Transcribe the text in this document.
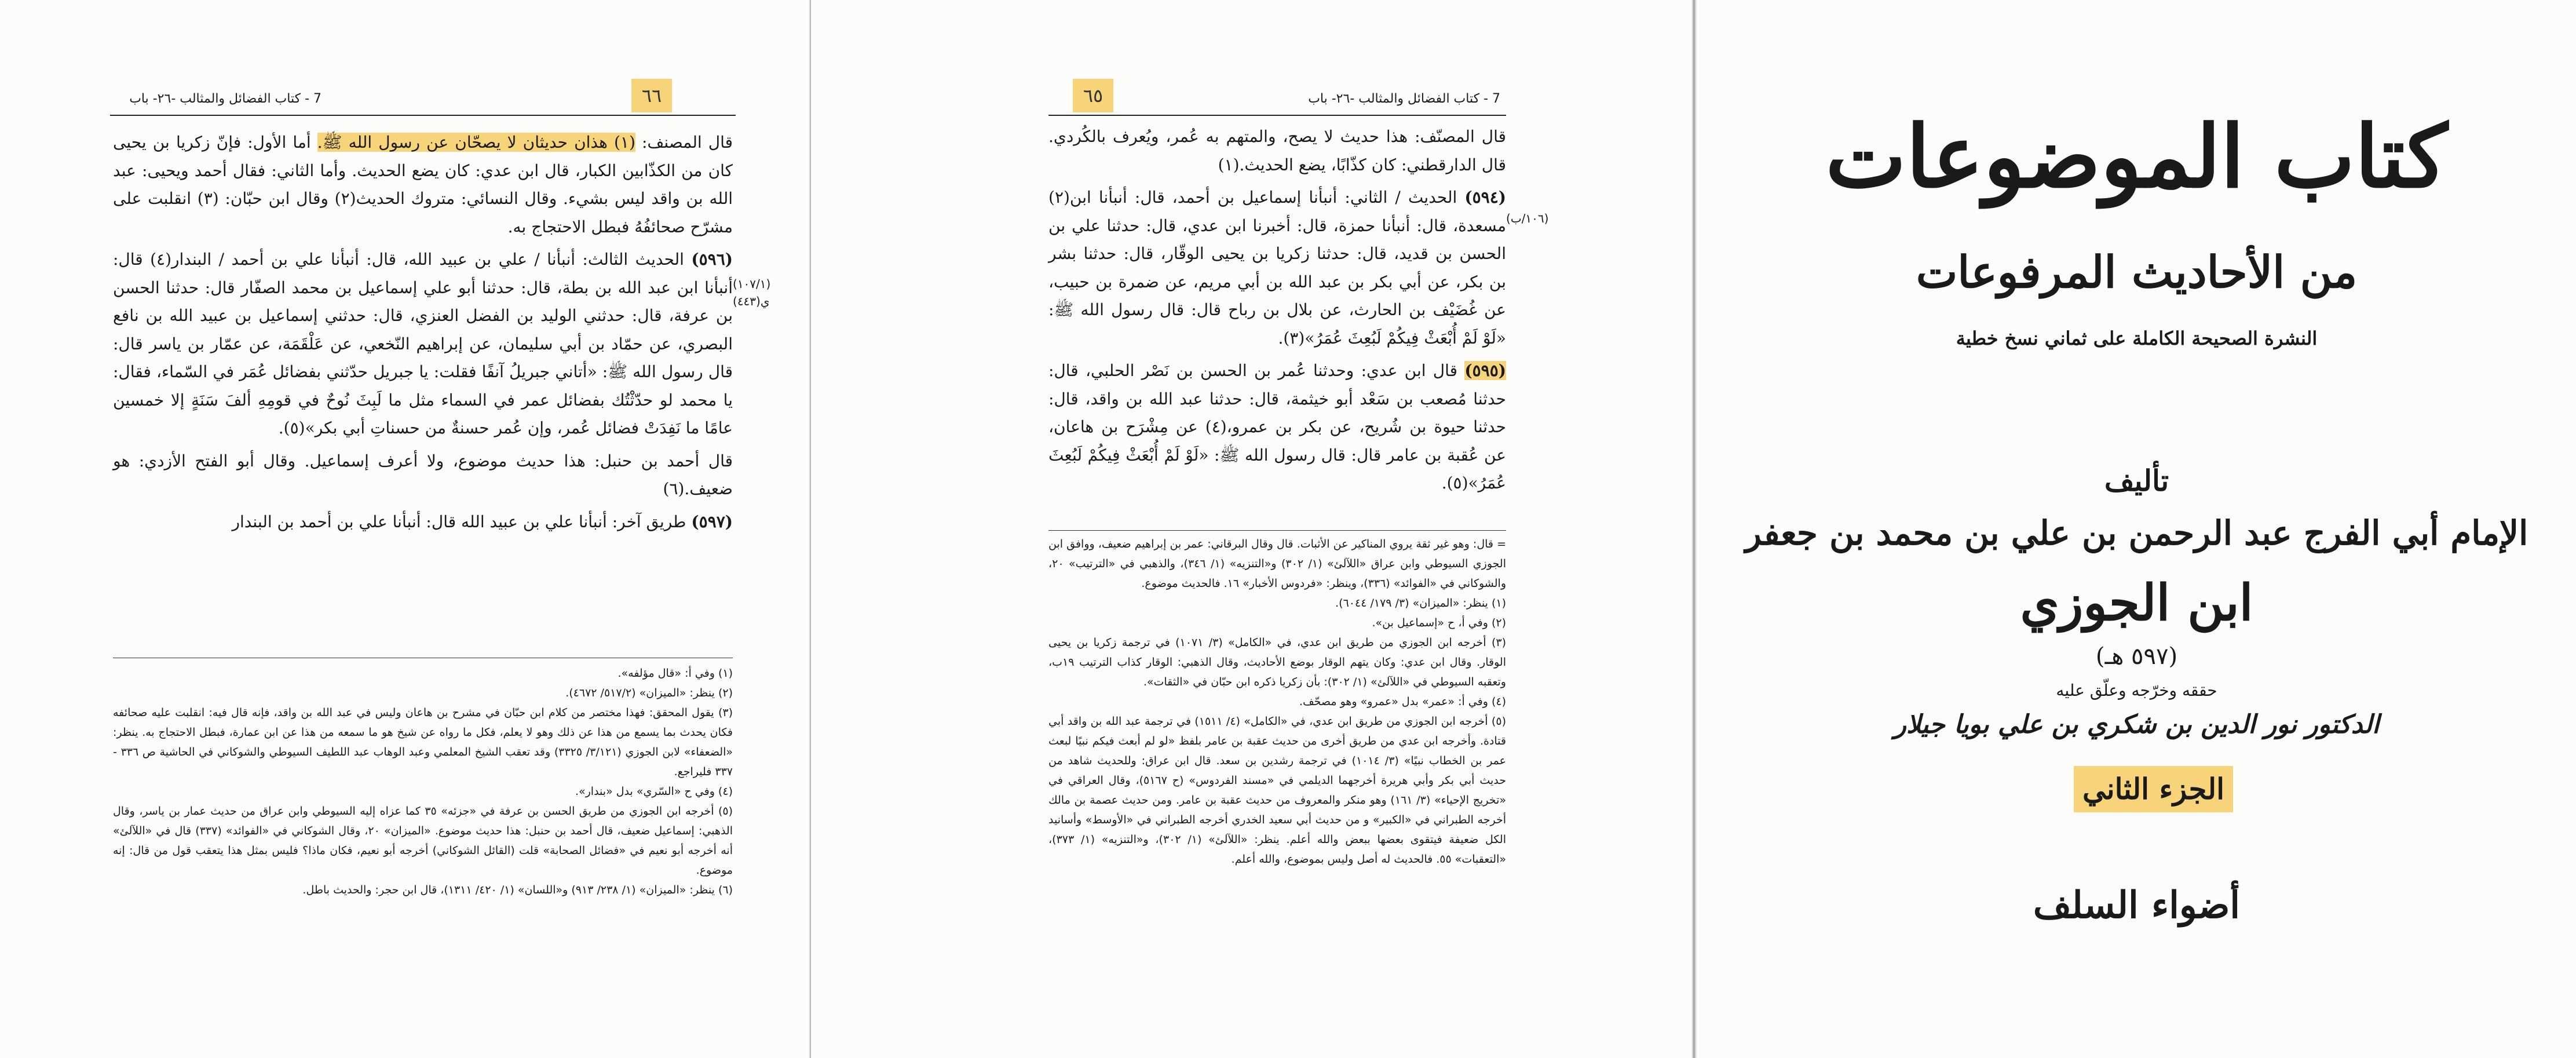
٦٦
7 - كتاب الفضائل والمثالب -٢٦- باب
(١٠٧/١)
ي(٤٤٣)

قال المصنف: (١) هذان حديثان لا يصحّان عن رسول الله ﷺ. أما الأول: فإنّ زكريا بن يحيى كان من الكذّابين الكبار، قال ابن عدي: كان يضع الحديث. وأما الثاني: فقال أحمد ويحيى: عبد الله بن واقد ليس بشيء. وقال النسائي: متروك الحديث(٢) وقال ابن حبّان: (٣) انقلبت على مشرّح صحائفُهُ فبطل الاحتجاج به.

(٥٩٦) الحديث الثالث: أنبأنا / علي بن عبيد الله، قال: أنبأنا علي بن أحمد / البندار(٤) قال: أنبأنا ابن عبد الله بن بطة، قال: حدثنا أبو علي إسماعيل بن محمد الصفّار قال: حدثنا الحسن بن عرفة، قال: حدثني الوليد بن الفضل العنزي، قال: حدثني إسماعيل بن عبيد الله بن نافع البصري، عن حمّاد بن أبي سليمان، عن إبراهيم النّخعي، عن عَلْقَمَة، عن عمّار بن ياسر قال: قال رسول الله ﷺ: «أتاني جبريلُ آنفًا فقلت: يا جبريل حدّثني بفضائل عُمَر في السّماء، فقال: يا محمد لو حدّثْتُك بفضائل عمر في السماء مثل ما لَبِثَ نُوحٌ في قومِهِ ألفَ سَنَةٍ إلا خمسين عامًا ما نَفِدَتْ فضائل عُمر، وإن عُمر حسنةٌ من حسناتِ أبي بكر»(٥).

قال أحمد بن حنبل: هذا حديث موضوع، ولا أعرف إسماعيل. وقال أبو الفتح الأزدي: هو ضعيف.(٦)

(٥٩٧) طريق آخر: أنبأنا علي بن عبيد الله قال: أنبأنا علي بن أحمد بن البندار

(١) وفي أ: «قال مؤلفه».

(٢) ينظر: «الميزان» (٥١٧/٢/ ٤٦٧٢).

(٣) يقول المحقق: فهذا مختصر من كلام ابن حبّان في مشرح بن هاعان وليس في عبد الله بن واقد، فإنه قال فيه: انقلبت عليه صحائفه فكان يحدث بما يسمع من هذا عن ذلك وهو لا يعلم، فكل ما رواه عن شيخ هو ما سمعه من هذا عن ابن عمارة، فبطل الاحتجاج به. ينظر: «الضعفاء» لابن الجوزي (٣/١٢١/ ٣٣٢٥) وقد تعقب الشيخ المعلمي وعبد الوهاب عبد اللطيف السيوطي والشوكاني في الحاشية ص ٣٣٦ - ٣٣٧ فليراجع.

(٤) وفي ح «السّري» بدل «بندار».

(٥) أخرجه ابن الجوزي من طريق الحسن بن عرفة في «جزئه» ٣٥ كما عزاه إليه السيوطي وابن عراق من حديث عمار بن ياسر، وقال الذهبي: إسماعيل ضعيف، قال أحمد بن حنبل: هذا حديث موضوع. «الميزان» ٢٠، وقال الشوكاني في «الفوائد» (٣٣٧) قال في «اللآلئ» أنه أخرجه أبو نعيم في «فضائل الصحابة» قلت (القائل الشوكاني) أخرجه أبو نعيم، فكان ماذا؟ فليس بمثل هذا يتعقب قول من قال: إنه موضوع.

(٦) ينظر: «الميزان» (١/ ٢٣٨/ ٩١٣) و«اللسان» (١/ ٤٢٠/ ١٣١١)، قال ابن حجر: والحديث باطل.

٦٥	7 - كتاب الفضائل والمثالب -٢٦- باب
(١٠٦/ب)

قال المصنّف: هذا حديث لا يصح، والمتهم به عُمر، ويُعرف بالكُردي. قال الدارقطني: كان كذّابًا، يضع الحديث.(١)

(٥٩٤) الحديث / الثاني: أنبأنا إسماعيل بن أحمد، قال: أنبأنا ابن(٢) مسعدة، قال: أنبأنا حمزة، قال: أخبرنا ابن عدي، قال: حدثنا علي بن الحسن بن قديد، قال: حدثنا زكريا بن يحيى الوقّار، قال: حدثنا بشر بن بكر، عن أبي بكر بن عبد الله بن أبي مريم، عن ضمرة بن حبيب، عن غُضَيْف بن الحارث، عن بلال بن رباح قال: قال رسول الله ﷺ: «لَوْ لَمْ أُبْعَثْ فِيكُمْ لَبُعِثَ عُمَرُ»(٣).

(٥٩٥) قال ابن عدي: وحدثنا عُمر بن الحسن بن نَصْر الحلبي، قال: حدثنا مُصعب بن سَعْد أبو خيثمة، قال: حدثنا عبد الله بن واقد، قال: حدثنا حيوة بن شُريح، عن بكر بن عمرو،(٤) عن مِشْرَح بن هاعان، عن عُقبة بن عامر قال: قال رسول الله ﷺ: «لَوْ لَمْ أُبْعَثْ فِيكُمْ لَبُعِثَ عُمَرُ»(٥).

= قال: وهو غير ثقة يروي المناكير عن الأثبات. قال وقال البرقاني: عمر بن إبراهيم ضعيف، ووافق ابن الجوزي السيوطي وابن عراق «اللآلئ» (١/ ٣٠٢) و«التنزيه» (١/ ٣٤٦)، والذهبي في «الترتيب» ٢٠، والشوكاني في «الفوائد» (٣٣٦)، وينظر: «فردوس الأخبار» ١٦. فالحديث موضوع.

(١) ينظر: «الميزان» (٣/ ١٧٩/ ٦٠٤٤).

(٢) وفي أ، ح «إسماعيل بن».

(٣) أخرجه ابن الجوزي من طريق ابن عدي، في «الكامل» (٣/ ١٠٧١) في ترجمة زكريا بن يحيى الوقار. وقال ابن عدي: وكان يتهم الوقار بوضع الأحاديث، وقال الذهبي: الوقار كذاب الترتيب ١٩ب، وتعقبه السيوطي في «اللآلئ» (١/ ٣٠٢): بأن زكريا ذكره ابن حبّان في «الثقات».

(٤) وفي أ: «عمر» بدل «عمرو» وهو مصحّف.

(٥) أخرجه ابن الجوزي من طريق ابن عدي، في «الكامل» (٤/ ١٥١١) في ترجمة عبد الله بن واقد أبي قتادة. وأخرجه ابن عدي من طريق أخرى من حديث عقبة بن عامر بلفظ «لو لم أبعث فيكم نبيًا لبعث عمر بن الخطاب نبيًا» (٣/ ١٠١٤) في ترجمة رشدين بن سعد. قال ابن عراق: وللحديث شاهد من حديث أبي بكر وأبي هريرة أخرجهما الديلمي في «مسند الفردوس» (ح ٥١٦٧)، وقال العراقي في «تخريج الإحياء» (٣/ ١٦١) وهو منكر والمعروف من حديث عقبة بن عامر. ومن حديث عصمة بن مالك أخرجه الطبراني في «الكبير» و من حديث أبي سعيد الخدري أخرجه الطبراني في «الأوسط» وأسانيد الكل ضعيفة فيتقوى بعضها ببعض والله أعلم. ينظر: «اللآلئ» (١/ ٣٠٢)، و«التنزيه» (١/ ٣٧٣)، «التعقبات» ٥٥. فالحديث له أصل وليس بموضوع، والله أعلم.

كتاب الموضوعات
من الأحاديث المرفوعات
النشرة الصحيحة الكاملة على ثماني نسخ خطية
تأليف
الإمام أبي الفرج عبد الرحمن بن علي بن محمد بن جعفر
ابن الجوزي
(٥٩٧ هـ)
حققه وخرّجه وعلّق عليه
الدكتور نور الدين بن شكري بن علي بويا جيلار
الجزء الثاني
أضواء السلف
